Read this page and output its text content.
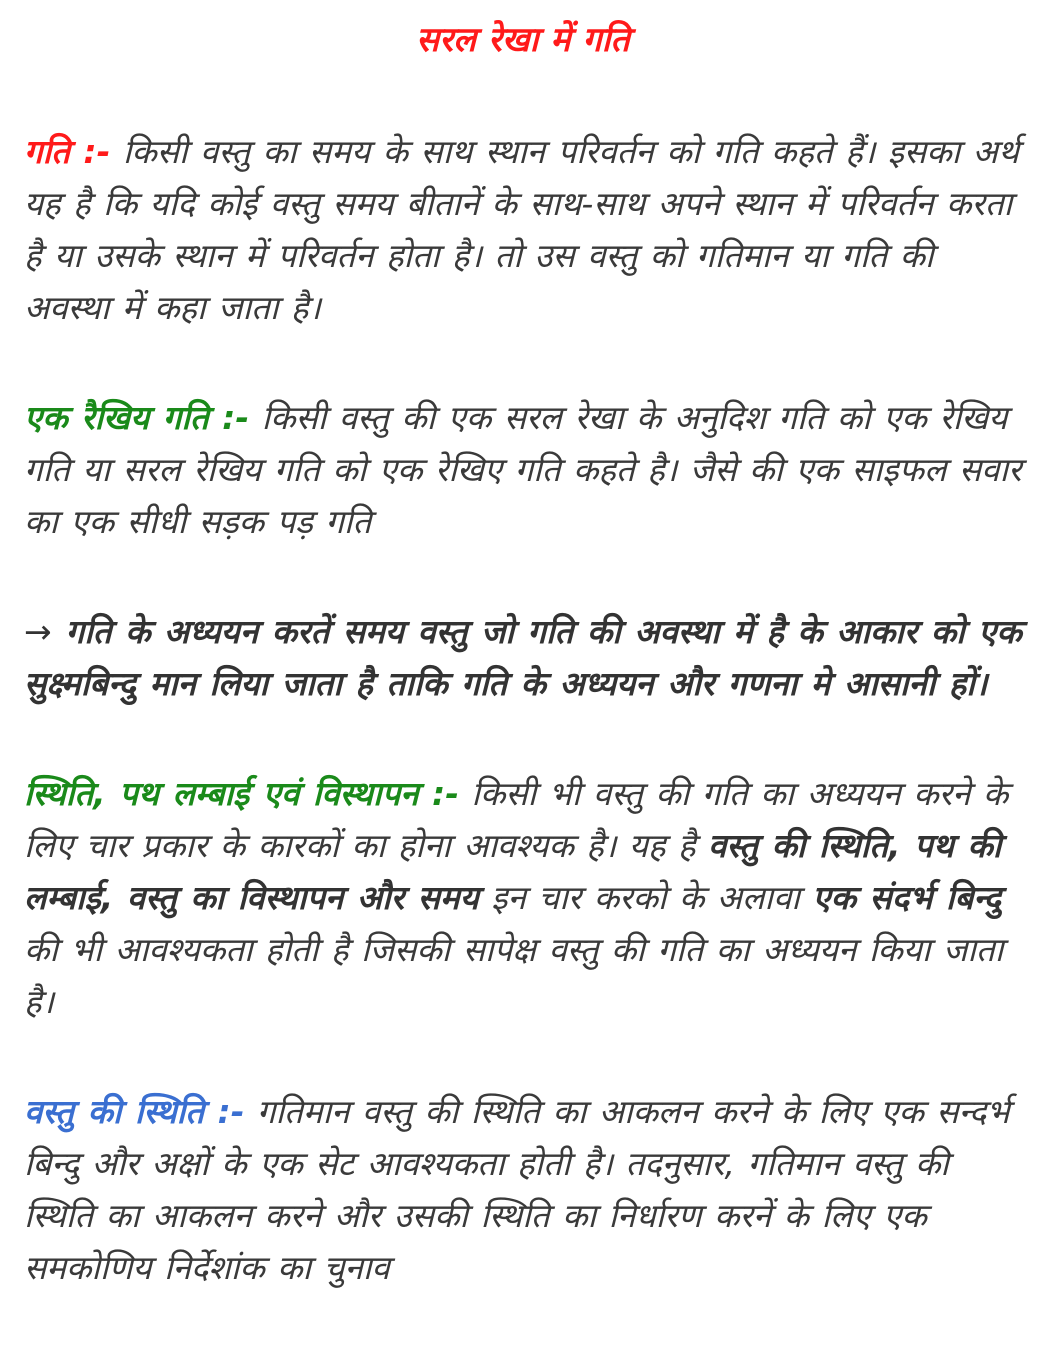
सरल रेखा में गति

गति :- किसी वस्तु का समय के साथ स्थान परिवर्तन को गति कहते हैं। इसका अर्थ यह है कि यदि कोई वस्तु समय बीतानें के साथ-साथ अपने स्थान में परिवर्तन करता है या उसके स्थान में परिवर्तन होता है। तो उस वस्तु को गतिमान या गति की अवस्था में कहा जाता है।

एक रैखिय गति :- किसी वस्तु की एक सरल रेखा के अनुदिश गति को एक रेखिय गति या सरल रेखिय गति को एक रेखिए गति कहते है। जैसे की एक साइफल सवार का एक सीधी सड़क पड़ गति

→ गति के अध्ययन करतें समय वस्तु जो गति की अवस्था में है के आकार को एक सुक्ष्मबिन्दु मान लिया जाता है ताकि गति के अध्ययन और गणना मे आसानी हों।

स्थिति, पथ लम्बाई एवं विस्थापन :- किसी भी वस्तु की गति का अध्ययन करने के लिए चार प्रकार के कारकों का होना आवश्यक है। यह है वस्तु की स्थिति, पथ की लम्बाई, वस्तु का विस्थापन और समय इन चार करको के अलावा एक संदर्भ बिन्दु की भी आवश्यकता होती है जिसकी सापेक्ष वस्तु की गति का अध्ययन किया जाता है।

वस्तु की स्थिति :- गतिमान वस्तु की स्थिति का आकलन करने के लिए एक सन्दर्भ बिन्दु और अक्षों के एक सेट आवश्यकता होती है। तदनुसार, गतिमान वस्तु की स्थिति का आकलन करने और उसकी स्थिति का निर्धारण करनें के लिए एक समकोणिय निर्देशांक का चुनाव
